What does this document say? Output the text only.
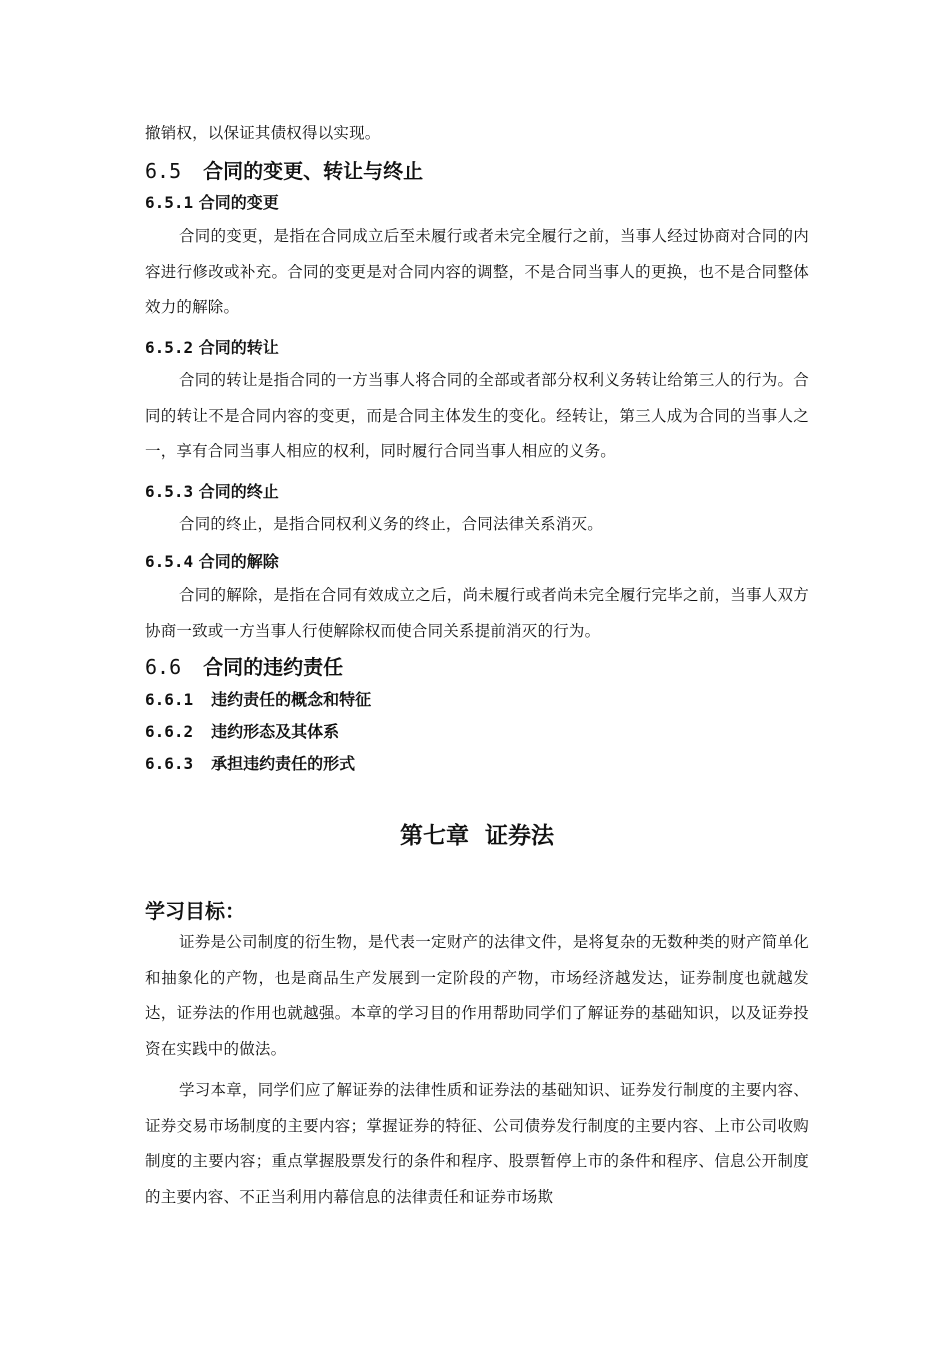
撤销权，以保证其债权得以实现。

6.5 合同的变更、转让与终止
6.5.1 合同的变更

合同的变更，是指在合同成立后至未履行或者未完全履行之前，当事人经过协商对合同的内容进行修改或补充。合同的变更是对合同内容的调整，不是合同当事人的更换，也不是合同整体效力的解除。

6.5.2 合同的转让

合同的转让是指合同的一方当事人将合同的全部或者部分权利义务转让给第三人的行为。合同的转让不是合同内容的变更，而是合同主体发生的变化。经转让，第三人成为合同的当事人之一，享有合同当事人相应的权利，同时履行合同当事人相应的义务。

6.5.3 合同的终止

合同的终止，是指合同权利义务的终止，合同法律关系消灭。

6.5.4 合同的解除

合同的解除，是指在合同有效成立之后，尚未履行或者尚未完全履行完毕之前，当事人双方协商一致或一方当事人行使解除权而使合同关系提前消灭的行为。

6.6 合同的违约责任
6.6.1 违约责任的概念和特征
6.6.2 违约形态及其体系
6.6.3 承担违约责任的形式
第七章  证券法
学习目标：

证券是公司制度的衍生物，是代表一定财产的法律文件，是将复杂的无数种类的财产简单化和抽象化的产物，也是商品生产发展到一定阶段的产物，市场经济越发达，证券制度也就越发达，证券法的作用也就越强。本章的学习目的作用帮助同学们了解证券的基础知识，以及证券投资在实践中的做法。

学习本章，同学们应了解证券的法律性质和证券法的基础知识、证券发行制度的主要内容、证券交易市场制度的主要内容；掌握证券的特征、公司债券发行制度的主要内容、上市公司收购制度的主要内容；重点掌握股票发行的条件和程序、股票暂停上市的条件和程序、信息公开制度的主要内容、不正当利用内幕信息的法律责任和证券市场欺
